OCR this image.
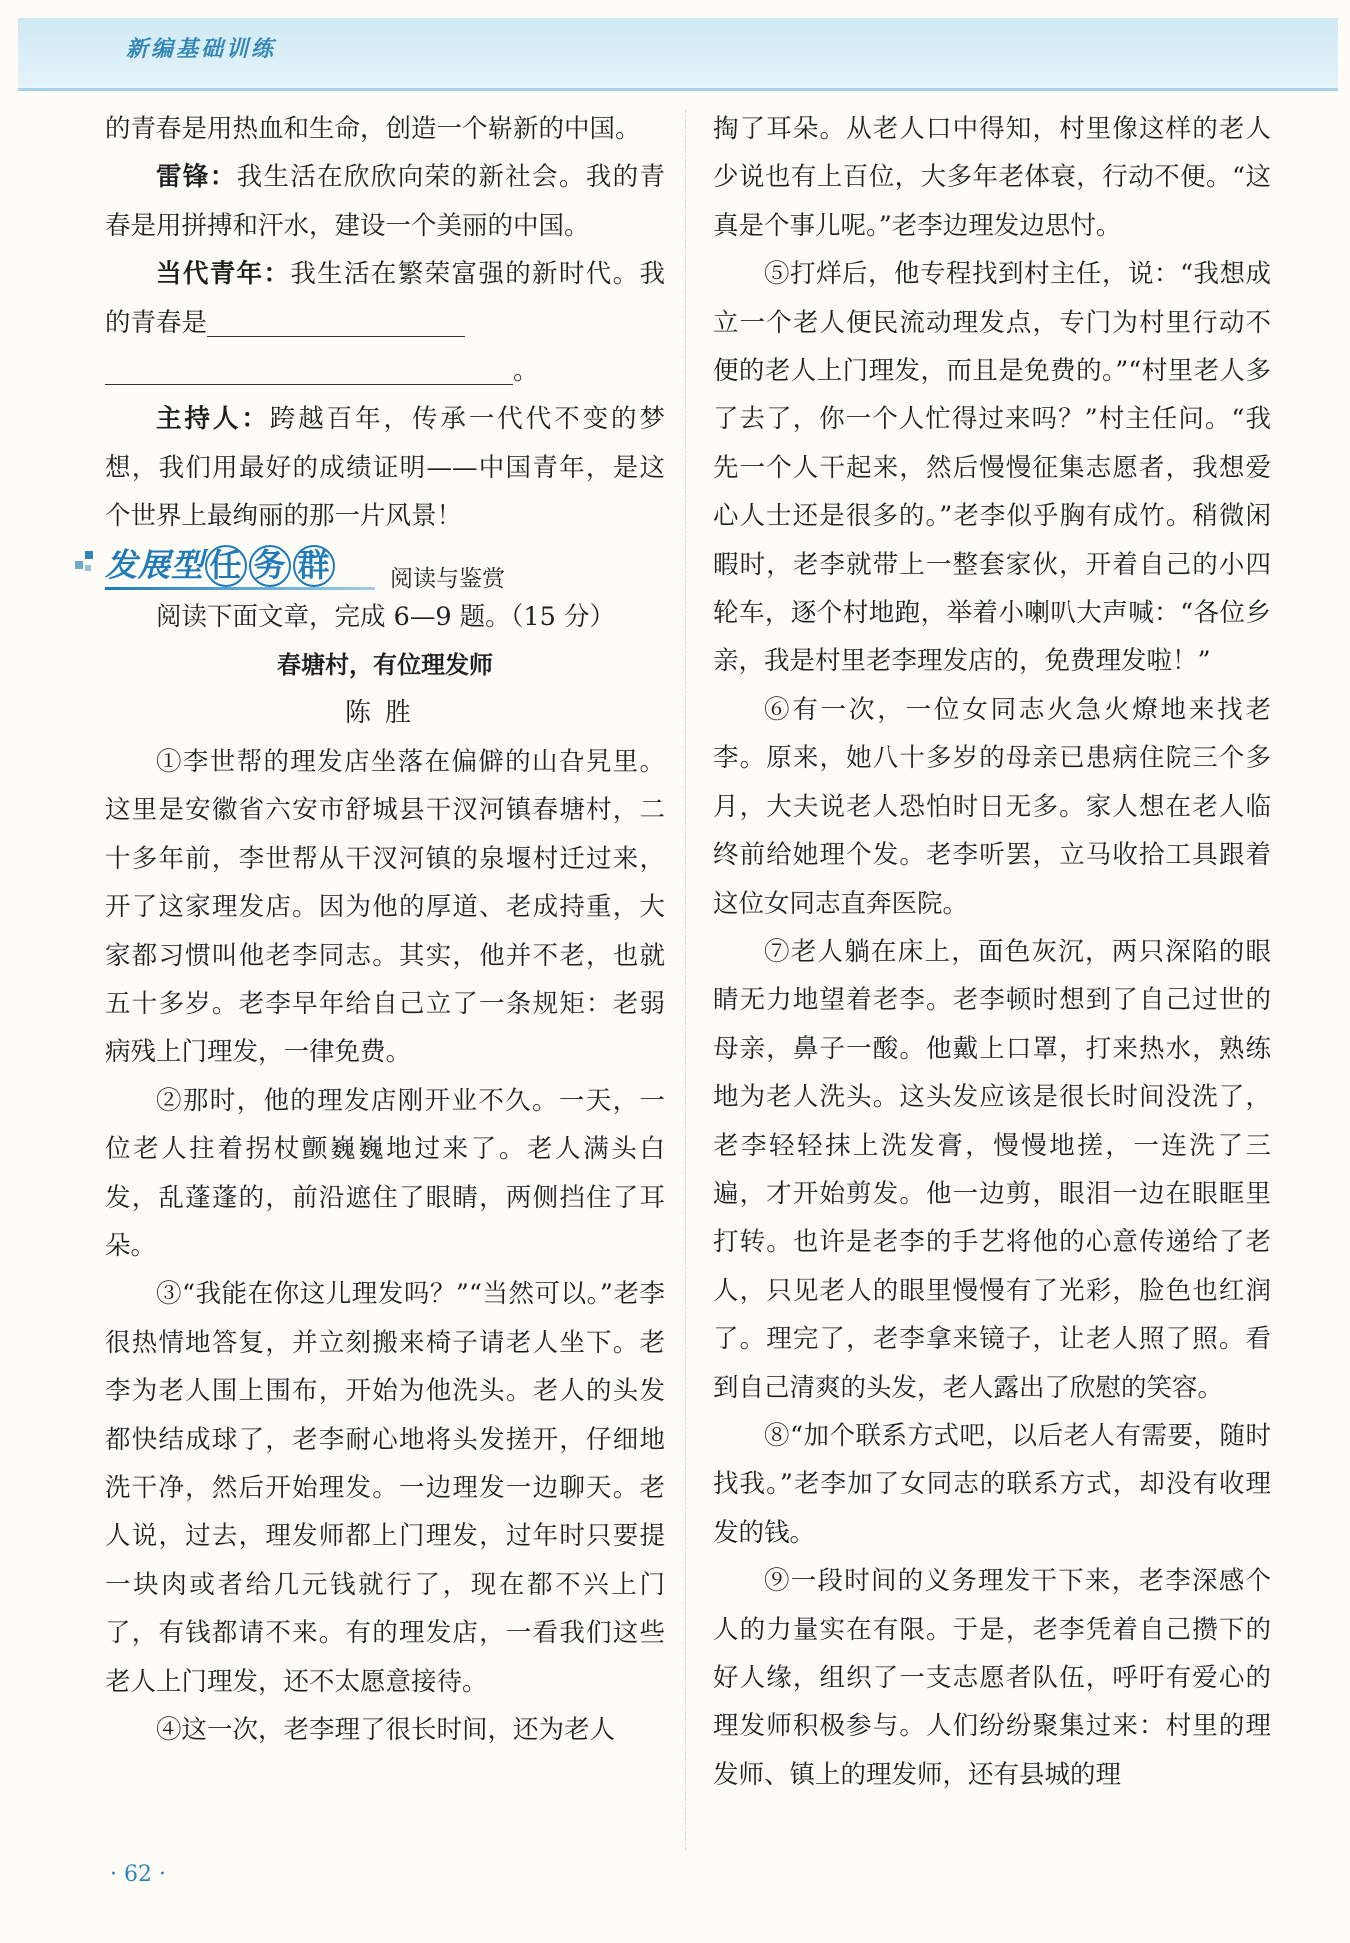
新编基础训练

的青春是用热血和生命，创造一个崭新的中国。

雷锋：我生活在欣欣向荣的新社会。我的青春是用拼搏和汗水，建设一个美丽的中国。

当代青年：我生活在繁荣富强的新时代。我的青春是
。

主持人：跨越百年，传承一代代不变的梦想，我们用最好的成绩证明——中国青年，是这个世界上最绚丽的那一片风景！

发展型 任 务 群	阅读与鉴赏

阅读下面文章，完成 6—9 题。（15 分）

春塘村，有位理发师

陈胜

①李世帮的理发店坐落在偏僻的山旮旯里。这里是安徽省六安市舒城县干汊河镇春塘村，二十多年前，李世帮从干汊河镇的泉堰村迁过来，开了这家理发店。因为他的厚道、老成持重，大家都习惯叫他老李同志。其实，他并不老，也就五十多岁。老李早年给自己立了一条规矩：老弱病残上门理发，一律免费。

②那时，他的理发店刚开业不久。一天，一位老人拄着拐杖颤巍巍地过来了。老人满头白发，乱蓬蓬的，前沿遮住了眼睛，两侧挡住了耳朵。

③“我能在你这儿理发吗？”“当然可以。”老李很热情地答复，并立刻搬来椅子请老人坐下。老李为老人围上围布，开始为他洗头。老人的头发都快结成球了，老李耐心地将头发搓开，仔细地洗干净，然后开始理发。一边理发一边聊天。老人说，过去，理发师都上门理发，过年时只要提一块肉或者给几元钱就行了，现在都不兴上门了，有钱都请不来。有的理发店，一看我们这些老人上门理发，还不太愿意接待。

④这一次，老李理了很长时间，还为老人

掏了耳朵。从老人口中得知，村里像这样的老人少说也有上百位，大多年老体衰，行动不便。“这真是个事儿呢。”老李边理发边思忖。

⑤打烊后，他专程找到村主任，说：“我想成立一个老人便民流动理发点，专门为村里行动不便的老人上门理发，而且是免费的。”“村里老人多了去了，你一个人忙得过来吗？”村主任问。“我先一个人干起来，然后慢慢征集志愿者，我想爱心人士还是很多的。”老李似乎胸有成竹。稍微闲暇时，老李就带上一整套家伙，开着自己的小四轮车，逐个村地跑，举着小喇叭大声喊：“各位乡亲，我是村里老李理发店的，免费理发啦！”

⑥有一次，一位女同志火急火燎地来找老李。原来，她八十多岁的母亲已患病住院三个多月，大夫说老人恐怕时日无多。家人想在老人临终前给她理个发。老李听罢，立马收拾工具跟着这位女同志直奔医院。

⑦老人躺在床上，面色灰沉，两只深陷的眼睛无力地望着老李。老李顿时想到了自己过世的母亲，鼻子一酸。他戴上口罩，打来热水，熟练地为老人洗头。这头发应该是很长时间没洗了，老李轻轻抹上洗发膏，慢慢地搓，一连洗了三遍，才开始剪发。他一边剪，眼泪一边在眼眶里打转。也许是老李的手艺将他的心意传递给了老人，只见老人的眼里慢慢有了光彩，脸色也红润了。理完了，老李拿来镜子，让老人照了照。看到自己清爽的头发，老人露出了欣慰的笑容。

⑧“加个联系方式吧，以后老人有需要，随时找我。”老李加了女同志的联系方式，却没有收理发的钱。

⑨一段时间的义务理发干下来，老李深感个人的力量实在有限。于是，老李凭着自己攒下的好人缘，组织了一支志愿者队伍，呼吁有爱心的理发师积极参与。人们纷纷聚集过来：村里的理发师、镇上的理发师，还有县城的理

· 62 ·
